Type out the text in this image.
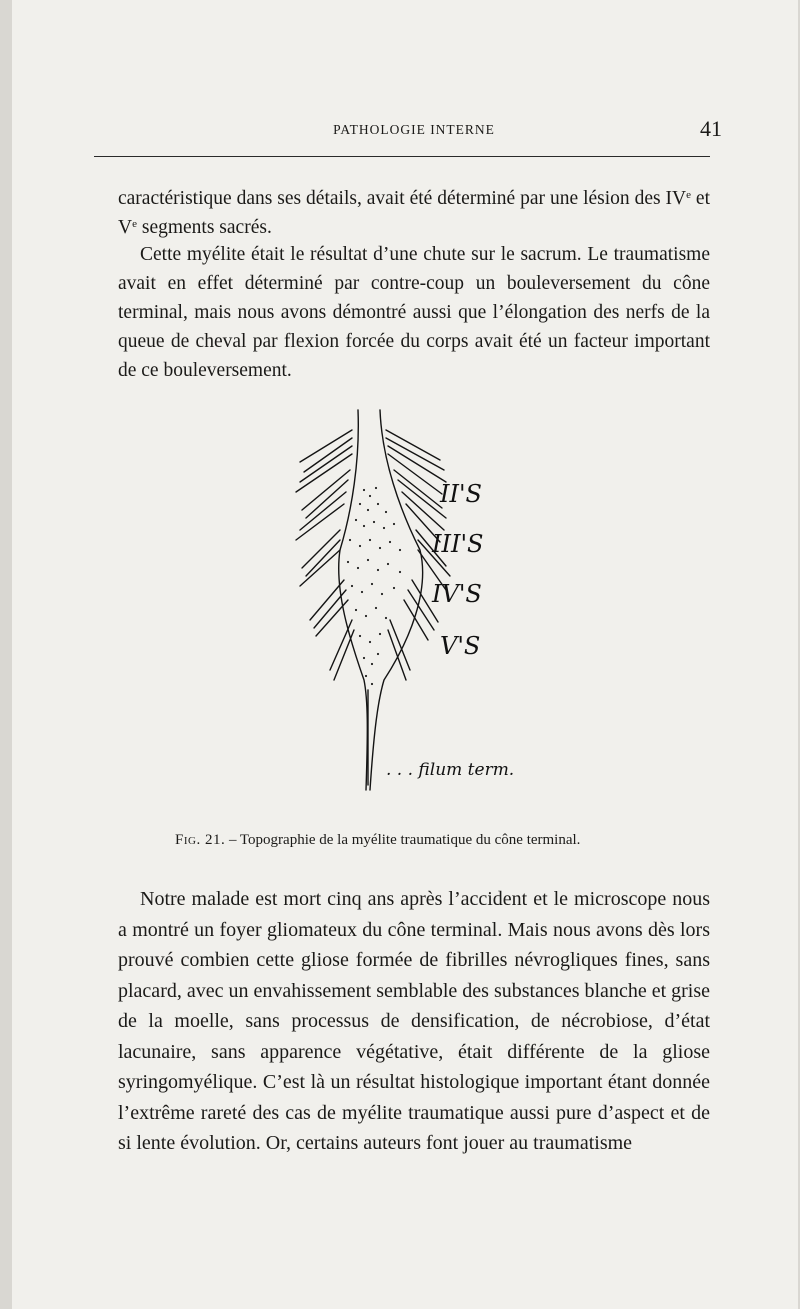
PATHOLOGIE INTERNE	41

caractéristique dans ses détails, avait été déterminé par une lésion des IVe et Ve segments sacrés.

Cette myélite était le résultat d’une chute sur le sacrum. Le traumatisme avait en effet déterminé par contre-coup un bouleversement du cône terminal, mais nous avons démontré aussi que l’élongation des nerfs de la queue de cheval par flexion forcée du corps avait été un facteur important de ce bouleversement.

II'S
III'S
IV'S
V'S
. . . filum term.
Fig. 21. – Topographie de la myélite traumatique du cône terminal.

Notre malade est mort cinq ans après l’accident et le microscope nous a montré un foyer gliomateux du cône terminal. Mais nous avons dès lors prouvé combien cette gliose formée de fibrilles névrogliques fines, sans placard, avec un envahissement semblable des substances blanche et grise de la moelle, sans processus de densification, de nécrobiose, d’état lacunaire, sans apparence végétative, était différente de la gliose syringomyélique. C’est là un résultat histologique important étant donnée l’extrême rareté des cas de myélite traumatique aussi pure d’aspect et de si lente évolution. Or, certains auteurs font jouer au traumatisme
